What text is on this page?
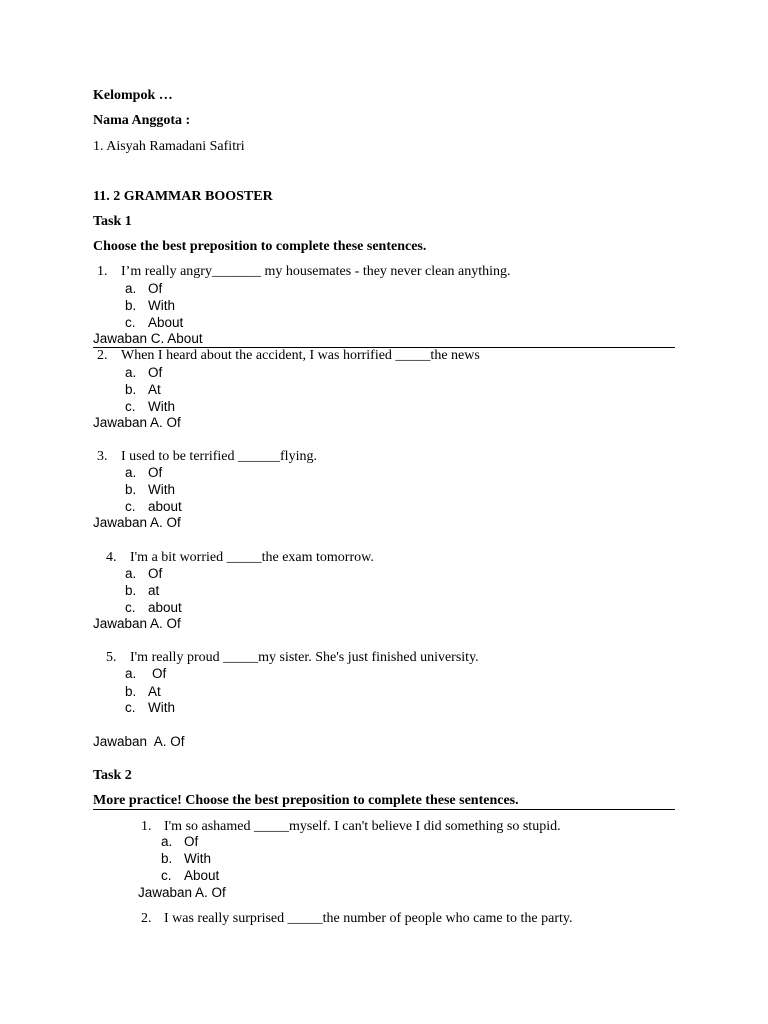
Kelompok …
Nama Anggota :
1. Aisyah Ramadani Safitri
11. 2 GRAMMAR BOOSTER
Task 1
Choose the best preposition to complete these sentences.
1. I’m really angry_______ my housemates - they never clean anything.
a. Of
b. With
c. About
Jawaban C. About
2. When I heard about the accident, I was horrified _____the news
a. Of
b. At
c. With
Jawaban A. Of
3. I used to be terrified ______flying.
a. Of
b. With
c. about
Jawaban A. Of
4. I'm a bit worried _____the exam tomorrow.
a. Of
b. at
c. about
Jawaban A. Of
5. I'm really proud _____my sister. She's just finished university.
a. Of
b. At
c. With
Jawaban  A. Of
Task 2
More practice! Choose the best preposition to complete these sentences.
1. I'm so ashamed _____myself. I can't believe I did something so stupid.
a. Of
b. With
c. About
Jawaban A. Of
2. I was really surprised _____the number of people who came to the party.
